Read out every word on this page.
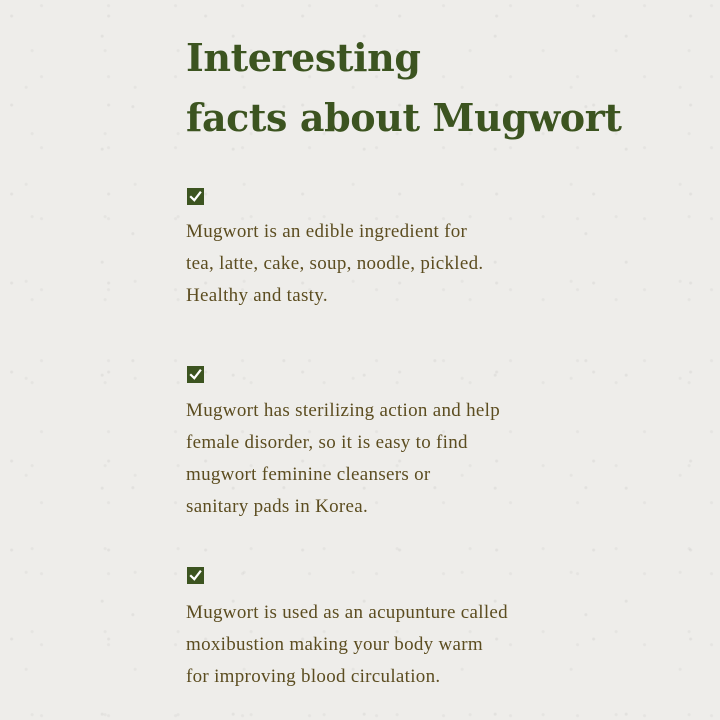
Interesting
facts about Mugwort

Mugwort is an edible ingredient for
tea, latte, cake, soup, noodle, pickled.
Healthy and tasty.

Mugwort has sterilizing action and help
female disorder, so it is easy to find
mugwort feminine cleansers or
sanitary pads in Korea.

Mugwort is used as an acupunture called
moxibustion making your body warm
for improving blood circulation.
